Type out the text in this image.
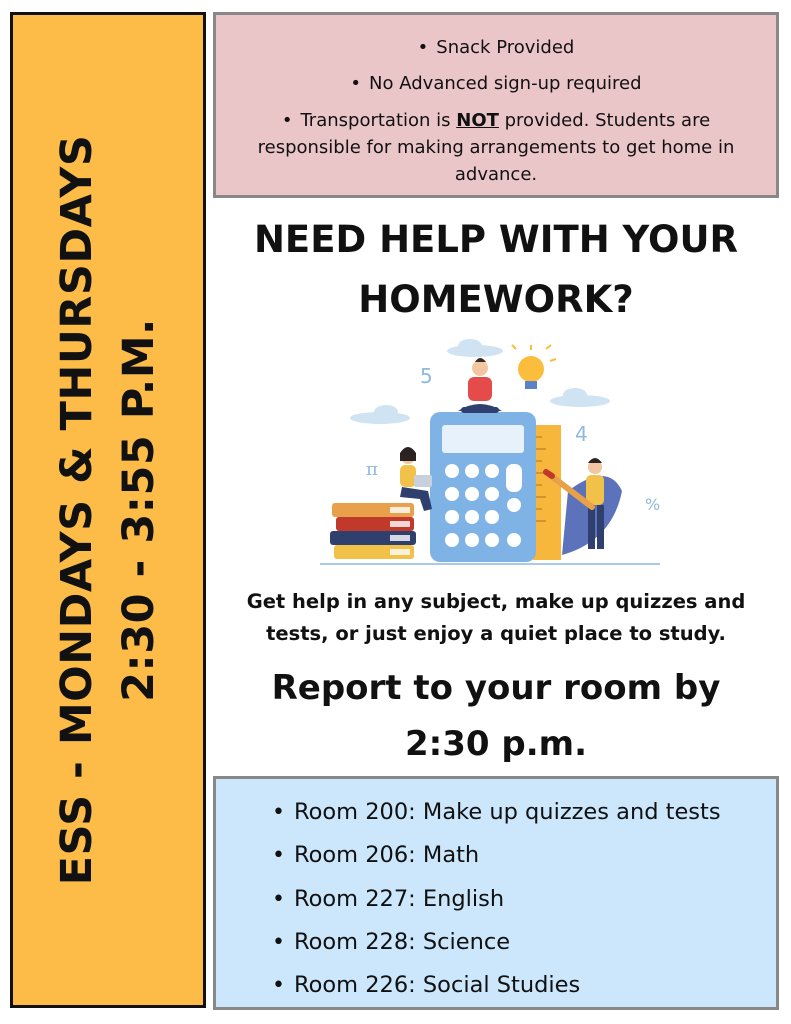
ESS - MONDAYS & THURSDAYS 2:30 - 3:55 P.M.
• Snack Provided
• No Advanced sign-up required
• Transportation is NOT provided. Students are responsible for making arrangements to get home in advance.
NEED HELP WITH YOUR
HOMEWORK?
5
4
π
%
Get help in any subject, make up quizzes and tests, or just enjoy a quiet place to study.
Report to your room by
2:30 p.m.
• Room 200: Make up quizzes and tests
• Room 206: Math
• Room 227: English
• Room 228: Science
• Room 226: Social Studies
